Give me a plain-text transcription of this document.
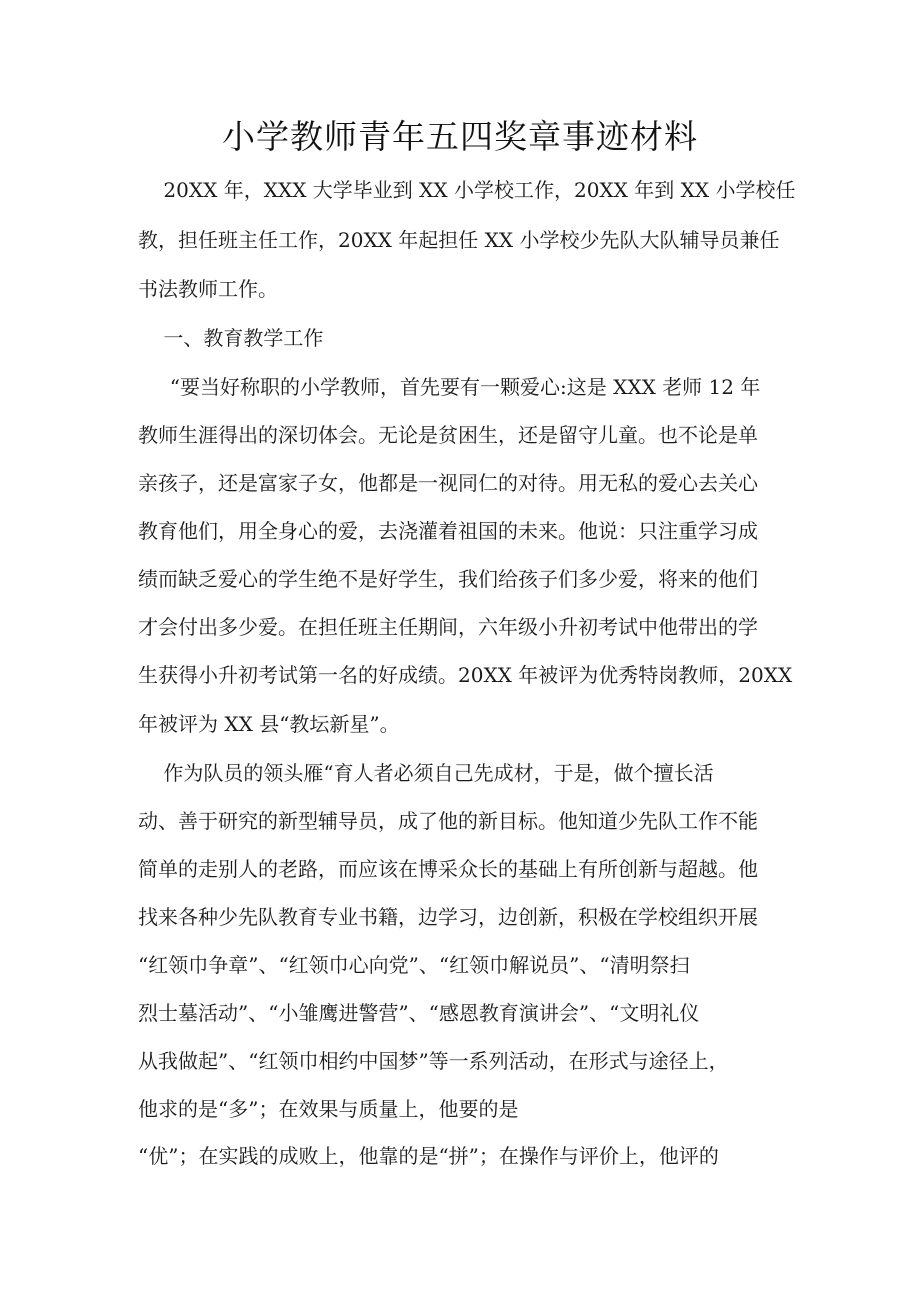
小学教师青年五四奖章事迹材料
20XX 年，XXX 大学毕业到 XX 小学校工作，20XX 年到 XX 小学校任
教，担任班主任工作，20XX 年起担任 XX 小学校少先队大队辅导员兼任
书法教师工作。
一、教育教学工作
“要当好称职的小学教师，首先要有一颗爱心:这是 XXX 老师 12 年
教师生涯得出的深切体会。无论是贫困生，还是留守儿童。也不论是单
亲孩子，还是富家子女，他都是一视同仁的对待。用无私的爱心去关心
教育他们，用全身心的爱，去浇灌着祖国的未来。他说：只注重学习成
绩而缺乏爱心的学生绝不是好学生，我们给孩子们多少爱，将来的他们
才会付出多少爱。在担任班主任期间，六年级小升初考试中他带出的学
生获得小升初考试第一名的好成绩。20XX 年被评为优秀特岗教师，20XX
年被评为 XX 县“教坛新星”。
作为队员的领头雁“育人者必须自己先成材，于是，做个擅长活
动、善于研究的新型辅导员，成了他的新目标。他知道少先队工作不能
简单的走别人的老路，而应该在博采众长的基础上有所创新与超越。他
找来各种少先队教育专业书籍，边学习，边创新，积极在学校组织开展
“红领巾争章”、“红领巾心向党”、“红领巾解说员”、“清明祭扫
烈士墓活动”、“小雏鹰进警营”、“感恩教育演讲会”、“文明礼仪
从我做起”、“红领巾相约中国梦”等一系列活动，在形式与途径上，
他求的是“多”；在效果与质量上，他要的是
“优”；在实践的成败上，他靠的是“拼”；在操作与评价上，他评的
